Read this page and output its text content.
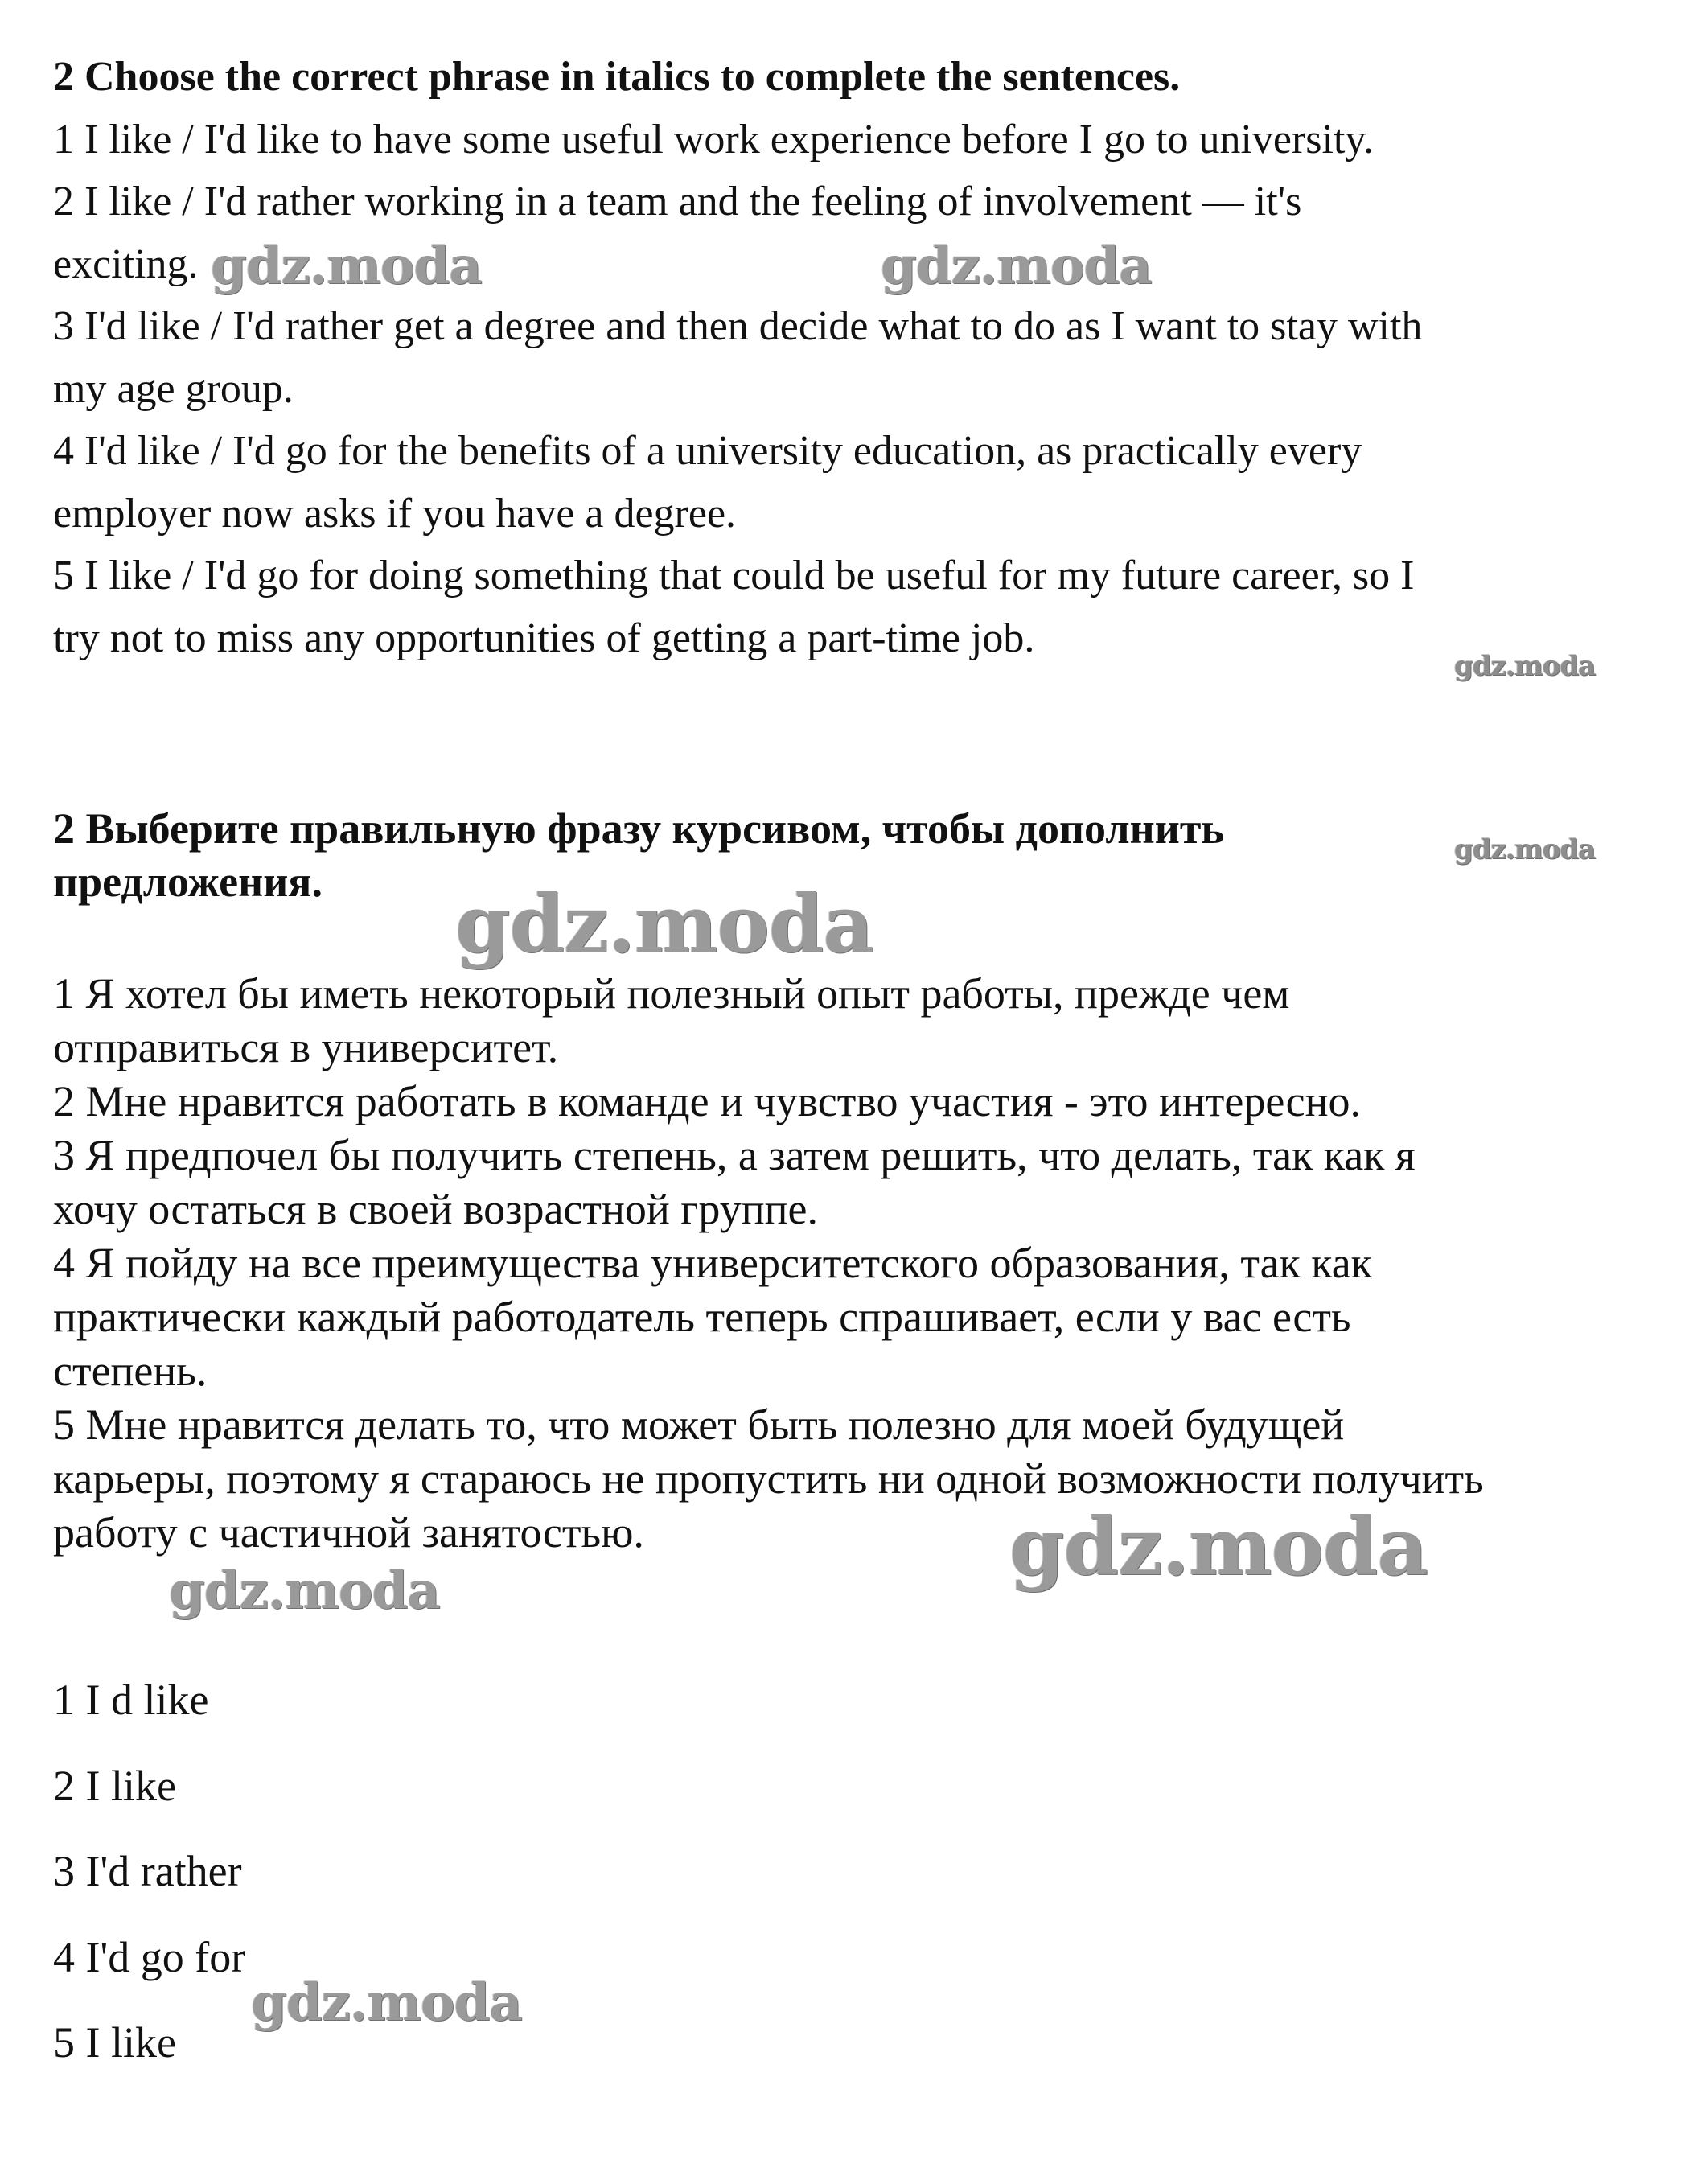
2 Choose the correct phrase in italics to complete the sentences.

1 I like / I'd like to have some useful work experience before I go to university.

2 I like / I'd rather working in a team and the feeling of involvement — it's

exciting.

3 I'd like / I'd rather get a degree and then decide what to do as I want to stay with

my age group.

4 I'd like / I'd go for the benefits of a university education, as practically every

employer now asks if you have a degree.

5 I like / I'd go for doing something that could be useful for my future career, so I

try not to miss any opportunities of getting a part-time job.

2 Выберите правильную фразу курсивом, чтобы дополнить

предложения.

1 Я хотел бы иметь некоторый полезный опыт работы, прежде чем

отправиться в университет.

2 Мне нравится работать в команде и чувство участия - это интересно.

3 Я предпочел бы получить степень, а затем решить, что делать, так как я

хочу остаться в своей возрастной группе.

4 Я пойду на все преимущества университетского образования, так как

практически каждый работодатель теперь спрашивает, если у вас есть

степень.

5 Мне нравится делать то, что может быть полезно для моей будущей

карьеры, поэтому я стараюсь не пропустить ни одной возможности получить

работу с частичной занятостью.

1 I d like

2 I like

3 I'd rather

4 I'd go for

5 I like

gdz.moda	gdz.moda
gdz.moda
gdz.moda
gdz.moda
gdz.moda
gdz.moda
gdz.moda
